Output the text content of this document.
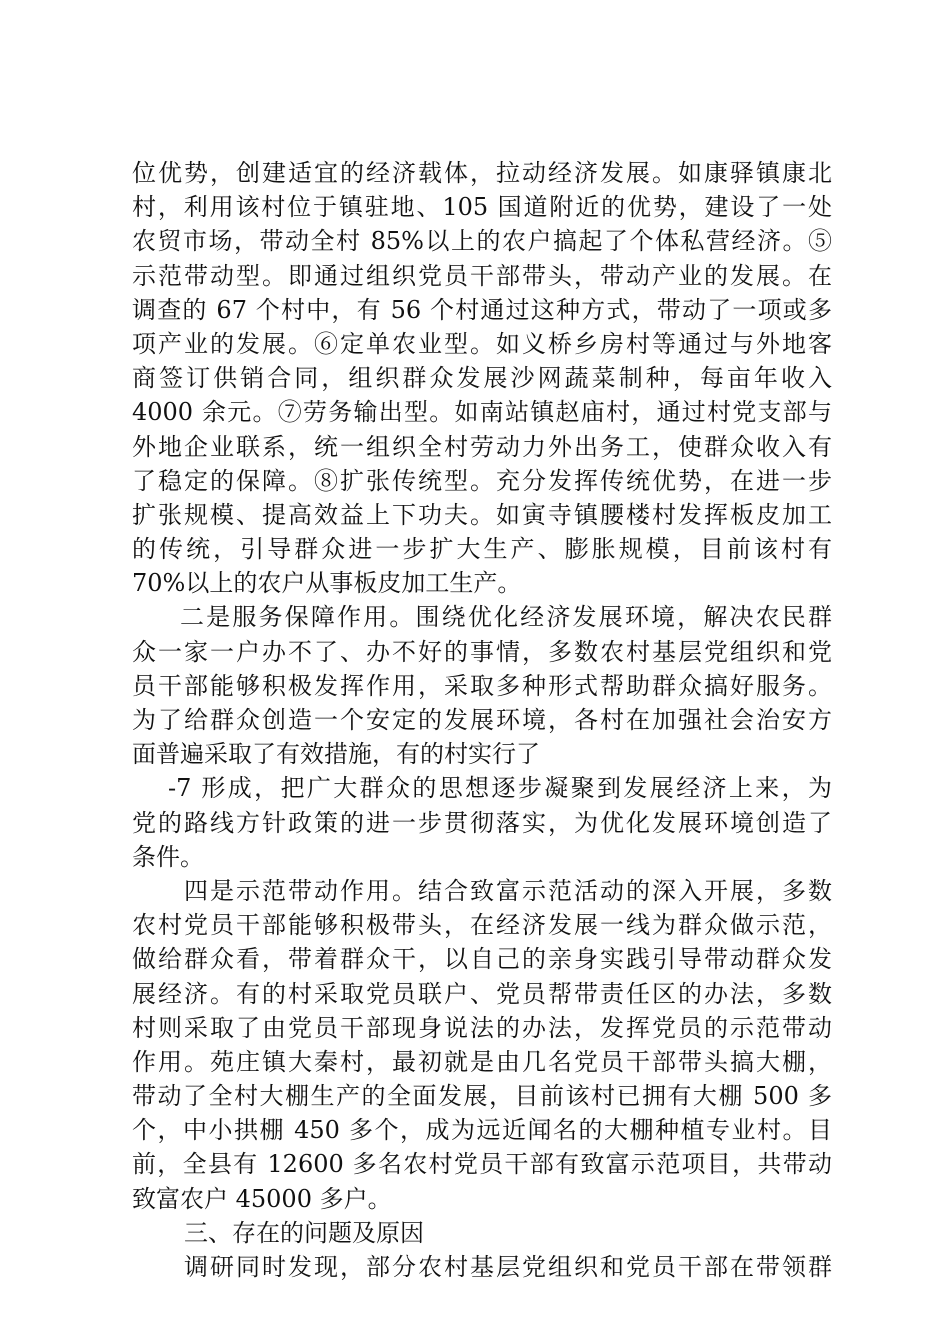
位优势，创建适宜的经济载体，拉动经济发展。如康驿镇康北
村，利用该村位于镇驻地、105 国道附近的优势，建设了一处
农贸市场，带动全村 85%以上的农户搞起了个体私营经济。⑤
示范带动型。即通过组织党员干部带头，带动产业的发展。在
调查的 67 个村中，有 56 个村通过这种方式，带动了一项或多
项产业的发展。⑥定单农业型。如义桥乡房村等通过与外地客
商签订供销合同，组织群众发展沙网蔬菜制种，每亩年收入
4000 余元。⑦劳务输出型。如南站镇赵庙村，通过村党支部与
外地企业联系，统一组织全村劳动力外出务工，使群众收入有
了稳定的保障。⑧扩张传统型。充分发挥传统优势，在进一步
扩张规模、提高效益上下功夫。如寅寺镇腰楼村发挥板皮加工
的传统，引导群众进一步扩大生产、膨胀规模，目前该村有
70%以上的农户从事板皮加工生产。
二是服务保障作用。围绕优化经济发展环境，解决农民群
众一家一户办不了、办不好的事情，多数农村基层党组织和党
员干部能够积极发挥作用，采取多种形式帮助群众搞好服务。
为了给群众创造一个安定的发展环境，各村在加强社会治安方
面普遍采取了有效措施，有的村实行了
-7 形成，把广大群众的思想逐步凝聚到发展经济上来，为
党的路线方针政策的进一步贯彻落实，为优化发展环境创造了
条件。
四是示范带动作用。结合致富示范活动的深入开展，多数
农村党员干部能够积极带头，在经济发展一线为群众做示范，
做给群众看，带着群众干，以自己的亲身实践引导带动群众发
展经济。有的村采取党员联户、党员帮带责任区的办法，多数
村则采取了由党员干部现身说法的办法，发挥党员的示范带动
作用。苑庄镇大秦村，最初就是由几名党员干部带头搞大棚，
带动了全村大棚生产的全面发展，目前该村已拥有大棚 500 多
个，中小拱棚 450 多个，成为远近闻名的大棚种植专业村。目
前，全县有 12600 多名农村党员干部有致富示范项目，共带动
致富农户 45000 多户。
三、存在的问题及原因
调研同时发现，部分农村基层党组织和党员干部在带领群
